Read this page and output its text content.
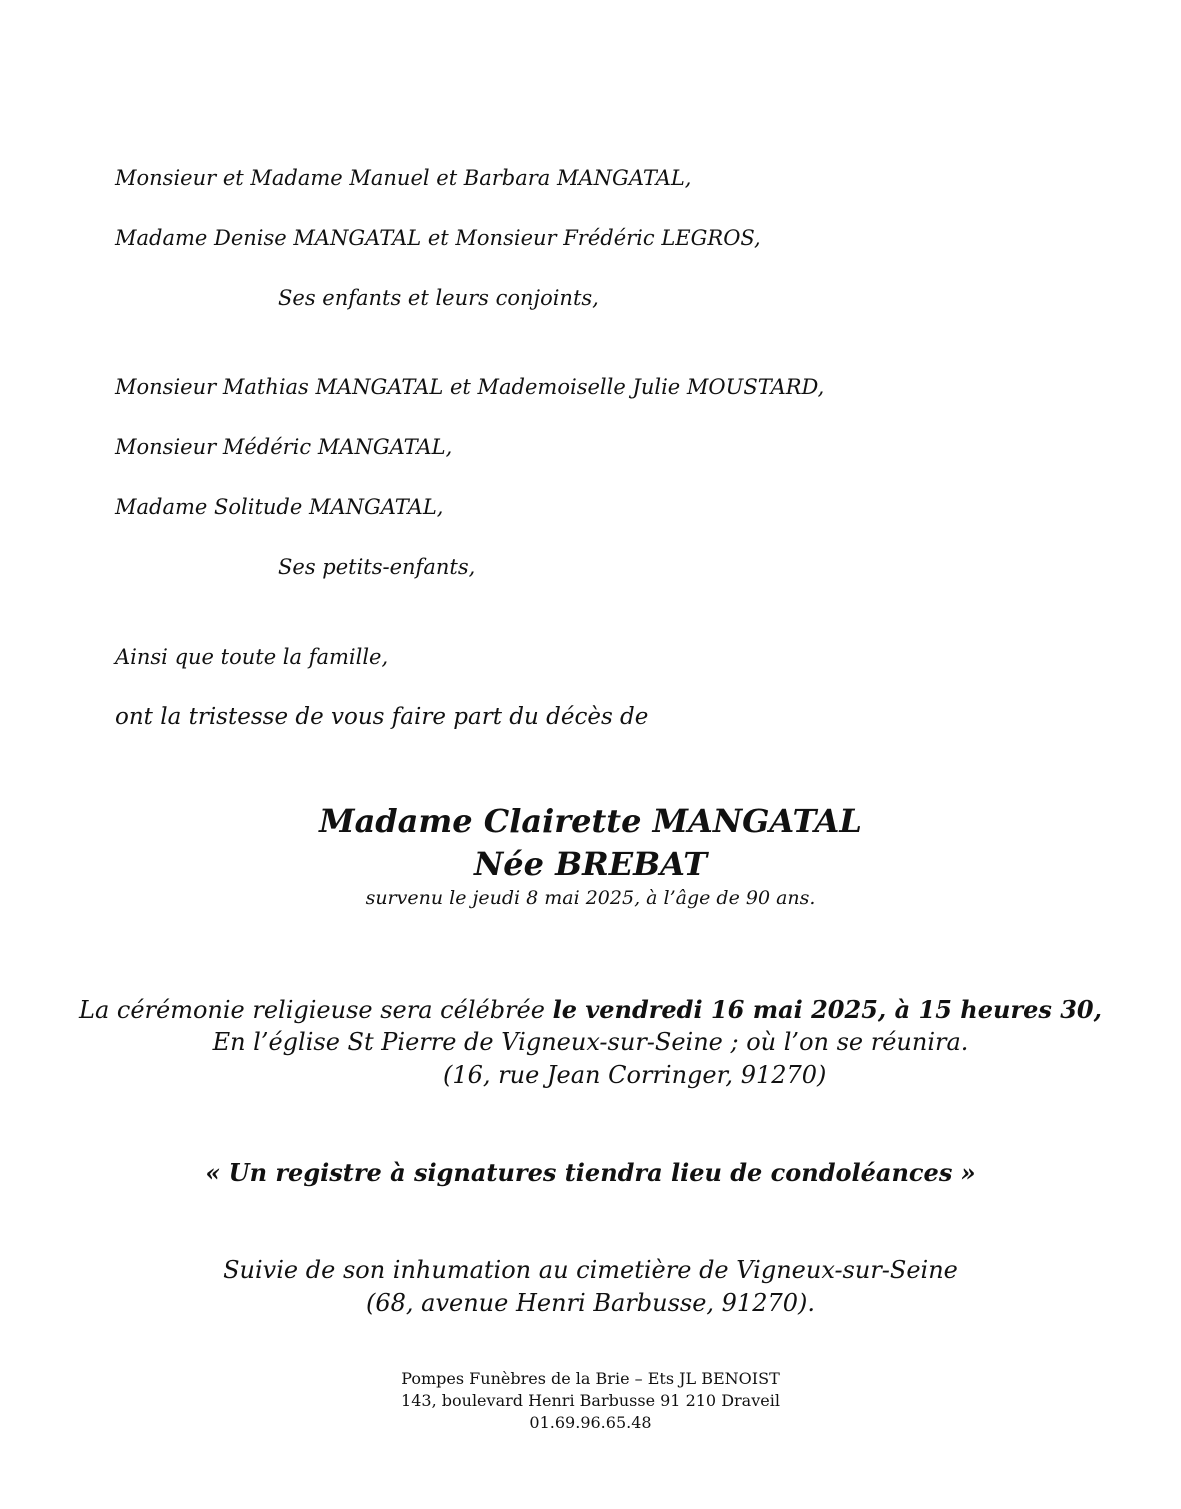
Monsieur et Madame Manuel et Barbara MANGATAL,
Madame Denise MANGATAL et Monsieur Frédéric LEGROS,
Ses enfants et leurs conjoints,
Monsieur Mathias MANGATAL et Mademoiselle Julie MOUSTARD,
Monsieur Médéric MANGATAL,
Madame Solitude MANGATAL,
Ses petits-enfants,
Ainsi que toute la famille,
ont la tristesse de vous faire part du décès de
Madame Clairette MANGATAL
Née BREBAT
survenu le jeudi 8 mai 2025, à l’âge de 90 ans.
La cérémonie religieuse sera célébrée le vendredi 16 mai 2025, à 15 heures 30,
En l’église St Pierre de Vigneux-sur-Seine ; où l’on se réunira.
(16, rue Jean Corringer, 91270)
« Un registre à signatures tiendra lieu de condoléances »
Suivie de son inhumation au cimetière de Vigneux-sur-Seine
(68, avenue Henri Barbusse, 91270).
Pompes Funèbres de la Brie – Ets JL BENOIST
143, boulevard Henri Barbusse 91 210 Draveil
01.69.96.65.48
